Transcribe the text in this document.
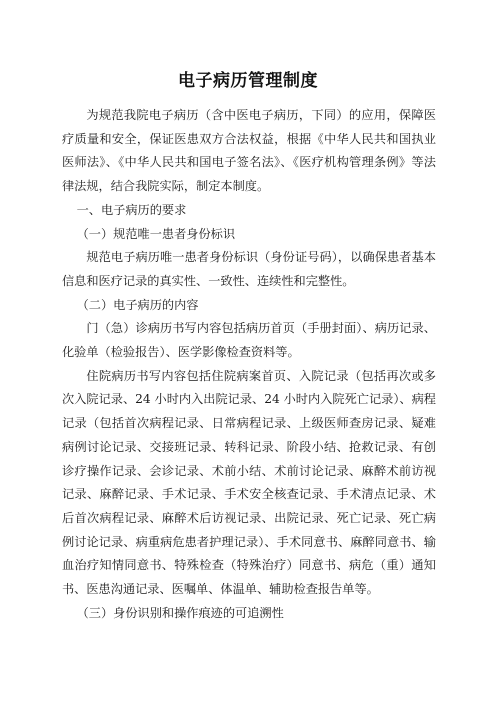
电子病历管理制度

为规范我院电子病历（含中医电子病历，下同）的应用，保障医疗质量和安全，保证医患双方合法权益，根据《中华人民共和国执业医师法》、《中华人民共和国电子签名法》、《医疗机构管理条例》等法律法规，结合我院实际，制定本制度。

一、电子病历的要求

（一）规范唯一患者身份标识

规范电子病历唯一患者身份标识（身份证号码），以确保患者基本信息和医疗记录的真实性、一致性、连续性和完整性。

（二）电子病历的内容

门（急）诊病历书写内容包括病历首页（手册封面）、病历记录、化验单（检验报告）、医学影像检查资料等。

住院病历书写内容包括住院病案首页、入院记录（包括再次或多次入院记录、24 小时内入出院记录、24 小时内入院死亡记录）、病程记录（包括首次病程记录、日常病程记录、上级医师查房记录、疑难病例讨论记录、交接班记录、转科记录、阶段小结、抢救记录、有创诊疗操作记录、会诊记录、术前小结、术前讨论记录、麻醉术前访视记录、麻醉记录、手术记录、手术安全核查记录、手术清点记录、术后首次病程记录、麻醉术后访视记录、出院记录、死亡记录、死亡病例讨论记录、病重病危患者护理记录）、手术同意书、麻醉同意书、输血治疗知情同意书、特殊检查（特殊治疗）同意书、病危（重）通知书、医患沟通记录、医嘱单、体温单、辅助检查报告单等。

（三）身份识别和操作痕迹的可追溯性
